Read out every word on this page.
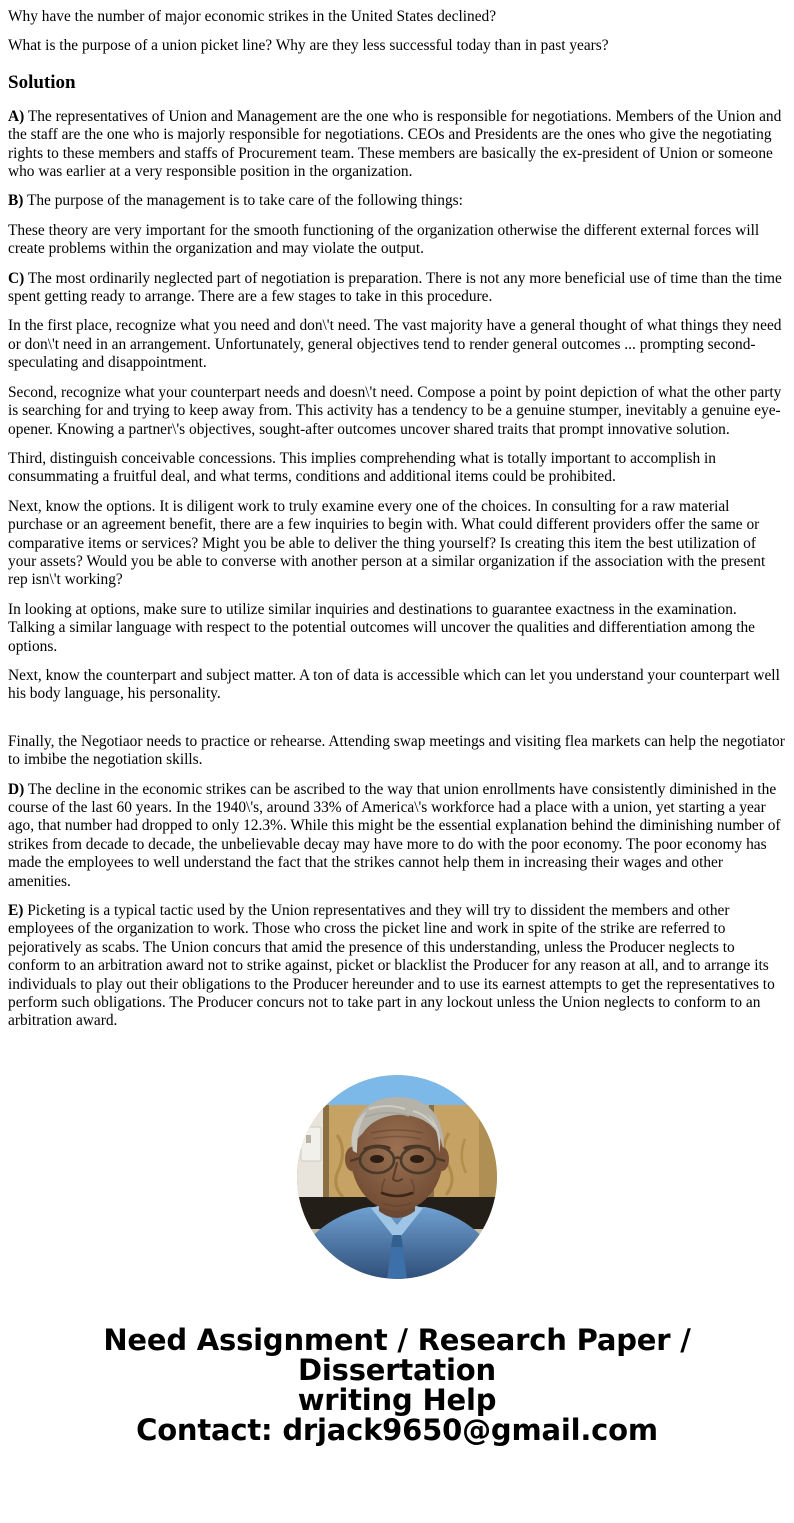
Why have the number of major economic strikes in the United States declined?

What is the purpose of a union picket line? Why are they less successful today than in past years?

Solution

A) The representatives of Union and Management are the one who is responsible for negotiations. Members of the Union and the staff are the one who is majorly responsible for negotiations. CEOs and Presidents are the ones who give the negotiating rights to these members and staffs of Procurement team. These members are basically the ex-president of Union or someone who was earlier at a very responsible position in the organization.

B) The purpose of the management is to take care of the following things:

These theory are very important for the smooth functioning of the organization otherwise the different external forces will create problems within the organization and may violate the output.

C) The most ordinarily neglected part of negotiation is preparation. There is not any more beneficial use of time than the time spent getting ready to arrange. There are a few stages to take in this procedure.

In the first place, recognize what you need and don\'t need. The vast majority have a general thought of what things they need or don\'t need in an arrangement. Unfortunately, general objectives tend to render general outcomes ... prompting second-speculating and disappointment.

Second, recognize what your counterpart needs and doesn\'t need. Compose a point by point depiction of what the other party is searching for and trying to keep away from. This activity has a tendency to be a genuine stumper, inevitably a genuine eye-opener. Knowing a partner\'s objectives, sought-after outcomes uncover shared traits that prompt innovative solution.

Third, distinguish conceivable concessions. This implies comprehending what is totally important to accomplish in consummating a fruitful deal, and what terms, conditions and additional items could be prohibited.

Next, know the options. It is diligent work to truly examine every one of the choices. In consulting for a raw material purchase or an agreement benefit, there are a few inquiries to begin with. What could different providers offer the same or comparative items or services? Might you be able to deliver the thing yourself? Is creating this item the best utilization of your assets? Would you be able to converse with another person at a similar organization if the association with the present rep isn\'t working?

In looking at options, make sure to utilize similar inquiries and destinations to guarantee exactness in the examination. Talking a similar language with respect to the potential outcomes will uncover the qualities and differentiation among the options.

Next, know the counterpart and subject matter. A ton of data is accessible which can let you understand your counterpart well his body language, his personality.

Finally, the Negotiaor needs to practice or rehearse. Attending swap meetings and visiting flea markets can help the negotiator to imbibe the negotiation skills.

D) The decline in the economic strikes can be ascribed to the way that union enrollments have consistently diminished in the course of the last 60 years. In the 1940\'s, around 33% of America\'s workforce had a place with a union, yet starting a year ago, that number had dropped to only 12.3%. While this might be the essential explanation behind the diminishing number of strikes from decade to decade, the unbelievable decay may have more to do with the poor economy. The poor economy has made the employees to well understand the fact that the strikes cannot help them in increasing their wages and other amenities.

E) Picketing is a typical tactic used by the Union representatives and they will try to dissident the members and other employees of the organization to work. Those who cross the picket line and work in spite of the strike are referred to pejoratively as scabs. The Union concurs that amid the presence of this understanding, unless the Producer neglects to conform to an arbitration award not to strike against, picket or blacklist the Producer for any reason at all, and to arrange its individuals to play out their obligations to the Producer hereunder and to use its earnest attempts to get the representatives to perform such obligations. The Producer concurs not to take part in any lockout unless the Union neglects to conform to an arbitration award.

Need Assignment / Research Paper / Dissertation
writing Help
Contact: drjack9650@gmail.com
